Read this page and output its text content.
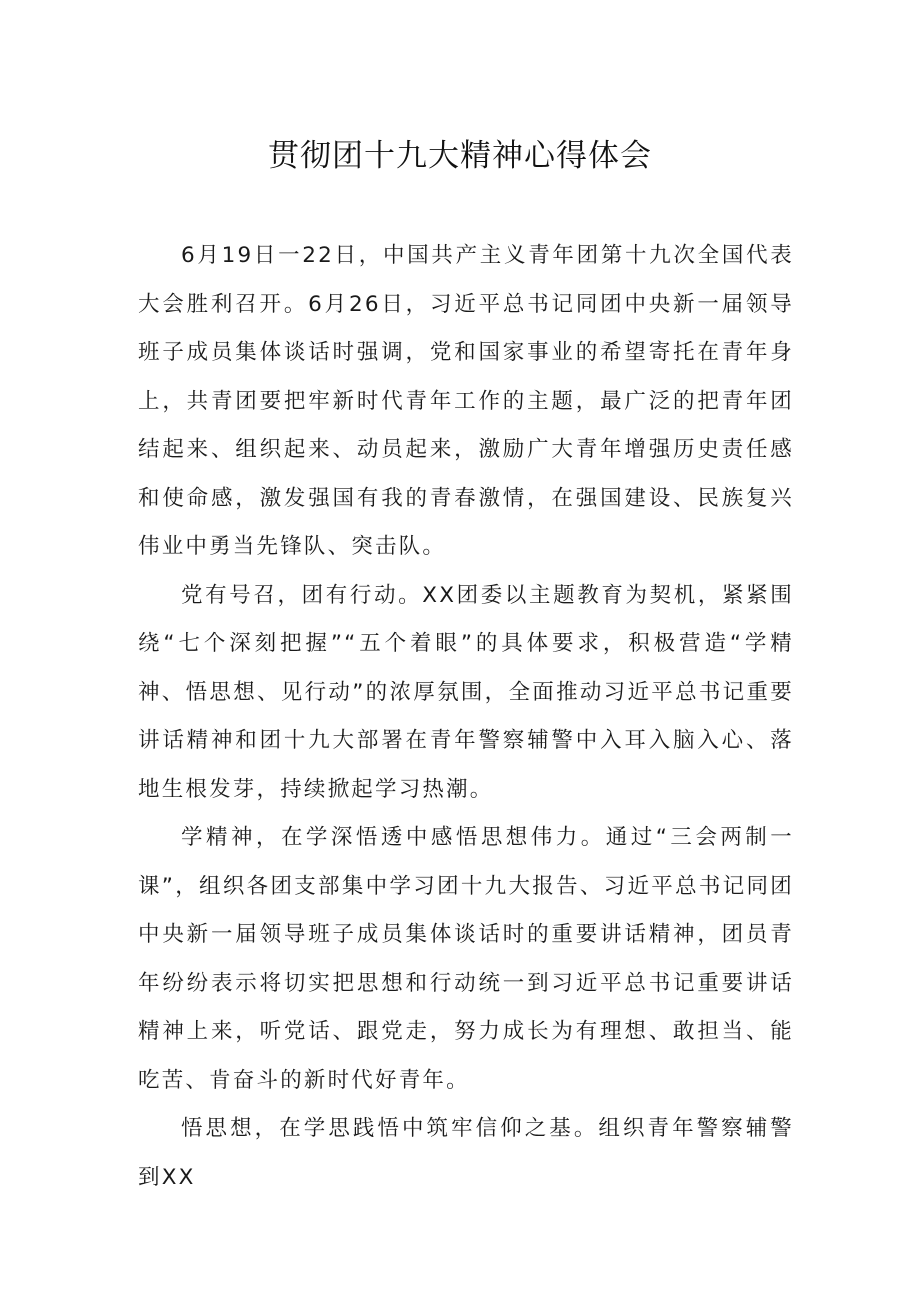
贯彻团十九大精神心得体会

6月19日一22日，中国共产主义青年团第十九次全国代表大会胜利召开。6月26日，习近平总书记同团中央新一届领导班子成员集体谈话时强调，党和国家事业的希望寄托在青年身上，共青团要把牢新时代青年工作的主题，最广泛的把青年团结起来、组织起来、动员起来，激励广大青年增强历史责任感和使命感，激发强国有我的青春激情，在强国建设、民族复兴伟业中勇当先锋队、突击队。

党有号召，团有行动。XX团委以主题教育为契机，紧紧围绕“七个深刻把握”“五个着眼”的具体要求，积极营造“学精神、悟思想、见行动”的浓厚氛围，全面推动习近平总书记重要讲话精神和团十九大部署在青年警察辅警中入耳入脑入心、落地生根发芽，持续掀起学习热潮。

学精神，在学深悟透中感悟思想伟力。通过“三会两制一课”，组织各团支部集中学习团十九大报告、习近平总书记同团中央新一届领导班子成员集体谈话时的重要讲话精神，团员青年纷纷表示将切实把思想和行动统一到习近平总书记重要讲话精神上来，听党话、跟党走，努力成长为有理想、敢担当、能吃苦、肯奋斗的新时代好青年。

悟思想，在学思践悟中筑牢信仰之基。组织青年警察辅警到XX
